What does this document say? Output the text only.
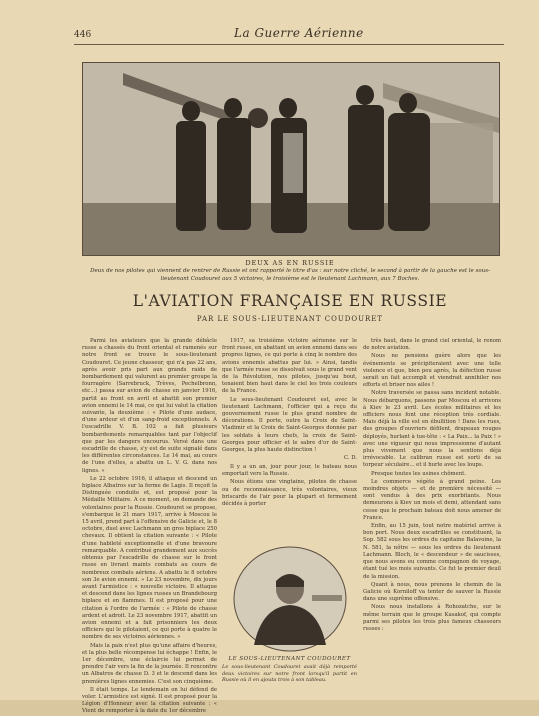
446	La Guerre Aérienne
DEUX AS EN RUSSIE
Deux de nos pilotes qui viennent de rentrer de Russie et ont rapporté le titre d'as : sur notre cliché, le second à partir de la gauche est le sous-lieutenant Coudouret aux 5 victoires, le troisième est le lieutenant Lachmann, aux 7 Boches.
L'AVIATION FRANÇAISE EN RUSSIE
PAR LE SOUS-LIEUTENANT COUDOURET

Parmi les aviateurs que la grande débâcle russe a chassés du front oriental et ramenés sur notre front se trouve le sous-lieutenant Coudouret. Ce jeune chasseur, qui n'a pas 22 ans, après avoir pris part aux grands raids de bombardement qui valurent au premier groupe la fourragère (Sarrebruck, Trèves, Pechelbronn, etc...) passa sur avion de chasse en janvier 1916, partit au front en avril et abattit son premier avion ennemi le 14 mai, ce qui lui valut la citation suivante, la deuxième : « Pilote d'une audace, d'une ardeur et d'un sang-froid exceptionnels. A l'escadrille V. B. 102 a fait plusieurs bombardements remarquables tant par l'objectif que par les dangers encourus. Versé dans une escadrille de chasse, s'y est de suite signalé dans les différentes circonstances. Le 14 mai, au cours de l'une d'elles, a abattu un L. V. G. dans nos lignes. »

Le 22 octobre 1916, il attaque et descend un biplace Albatros sur la ferme de Lagis. Il reçoit la Distinguée conduite et, est proposé pour la Médaille Militaire. A ce moment, on demande des volontaires pour la Russie. Coudouret se propose, s'embarque le 21 mars 1917, arrive à Moscou le 15 avril, prend part à l'offensive de Galicie et, le 8 octobre, duel avec Lachmann un gros biplace 250 chevaux. Il obtient la citation suivante : « Pilote d'une habileté exceptionnelle et d'une bravoure remarquable. A contribué grandement aux succès obtenus par l'escadrille de chasse sur le front russe en livrant maints combats au cours de nombreux combats aériens. A abattu le 8 octobre son 3e avion ennemi. » Le 23 novembre, dix jours avant l'armistice : « nouvelle victoire. Il attaque et descend dans les lignes russes un Brandebourg biplace et en flammes. Il est proposé pour une citation à l'ordre de l'armée : « Pilote de chasse ardent et adroit. Le 23 novembre 1917, abattit un avion ennemi et a fait prisonniers les deux officiers qui le pilotaient, ce qui porte à quatre le nombre de ses victoires aériennes. »

Mais la paix n'est plus qu'une affaire d'heures, et la plus belle récompense lui échappe ! Enfin, le 1er décembre, une éclaircie lui permet de prendre l'air vers la fin de la journée. Il rencontre un Albatros de chasse D. 3 et le descend dans les premières lignes ennemies. C'est son cinquième.

Il était temps. Le lendemain on lui défend de voler. L'armistice est signé. Il est proposé pour la Légion d'Honneur avec la citation suivante : « Vient de remporter à la date du 1er décembre

1917, sa troisième victoire aérienne sur le front russe, en abattant un avion ennemi dans ses propres lignes, ce qui porte à cinq le nombre des avions ennemis abattus par lui. » Ainsi, tandis que l'armée russe se dissolvait sous le grand vent de la Révolution, nos pilotes, jusqu'au bout, tenaient bien haut dans le ciel les trois couleurs de la France.

Le sous-lieutenant Coudouret est, avec le lieutenant Lachmann, l'officier qui a reçu du gouvernement russe le plus grand nombre de décorations. Il porte, outre la Croix de Saint-Vladimir et la Croix de Saint-Georges donnée par les soldats à leurs chefs, la croix de Saint-Georges pour officier et le sabre d'or de Saint-Georges, la plus haute distinction !

C. D.

Il y a un an, jour pour jour, le bateau nous emportait vers la Russie.

Nous étions une vingtaine, pilotes de chasse ou de reconnaissance, très volontaires, vieux briscards de l'air pour la plupart et fermement décidés à porter

LE SOUS-LIEUTENANT COUDOURET
Le sous-lieutenant Coudouret avait déjà remporté deux victoires sur notre front lorsqu'il partit en Russie où il en ajouta trois à son tableau.

très haut, dans le grand ciel oriental, le renom de notre aviation.

Nous ne pensions guère alors que les événements se précipiteraient avec une telle violence et que, bien peu après, la défection russe serait un fait accompli et viendrait annihiler nos efforts et briser nos ailes !

Notre traversée se passa sans incident notable. Nous débarquons, passons par Moscou et arrivons à Kiev le 23 avril. Les écoles militaires et les officiers nous font une réception très cordiale. Mais déjà la ville est en ébullition ! Dans les rues, des groupes d'ouvriers défilent, drapeaux rouges déployés, hurlant à tue-tête : « La Paix... la Paix ! » avec une vigueur qui nous impressionne d'autant plus vivement que nous la sentions déjà irrévocable. Le calibran russe est sorti de sa torpeur séculaire... et il hurle avec les loups.

Presque toutes les usines chôment.

Le commerce végète à grand peine. Les moindres objets — et de première nécessité — sont vendus à des prix exorbitants. Nous demeurons à Kiev un mois et demi, attendant sans cesse que le prochain bateau doit nous amener de France.

Enfin, au 15 juin, tout notre matériel arrive à bon port. Nous deux escadrilles se constituent, la Sop. 582 sous les ordres du capitaine Balavoine, la N. 581, la nôtre — sous les ordres du lieutenant Lachmann. Bloch, le « descendeur » de saucisses, que nous avons eu comme compagnon de voyage, étant tué les mois suivants. Ce fut le premier deuil de la mission.

Quant à nous, nous prenons le chemin de la Galicie où Korniloff va tenter de sauver la Russie dans une suprême offensive.

Nous nous installons à Rohozatche, sur le même terrain que le groupe Kasakof, qui compte parmi ses pilotes les trois plus fameux chasseurs russes :
